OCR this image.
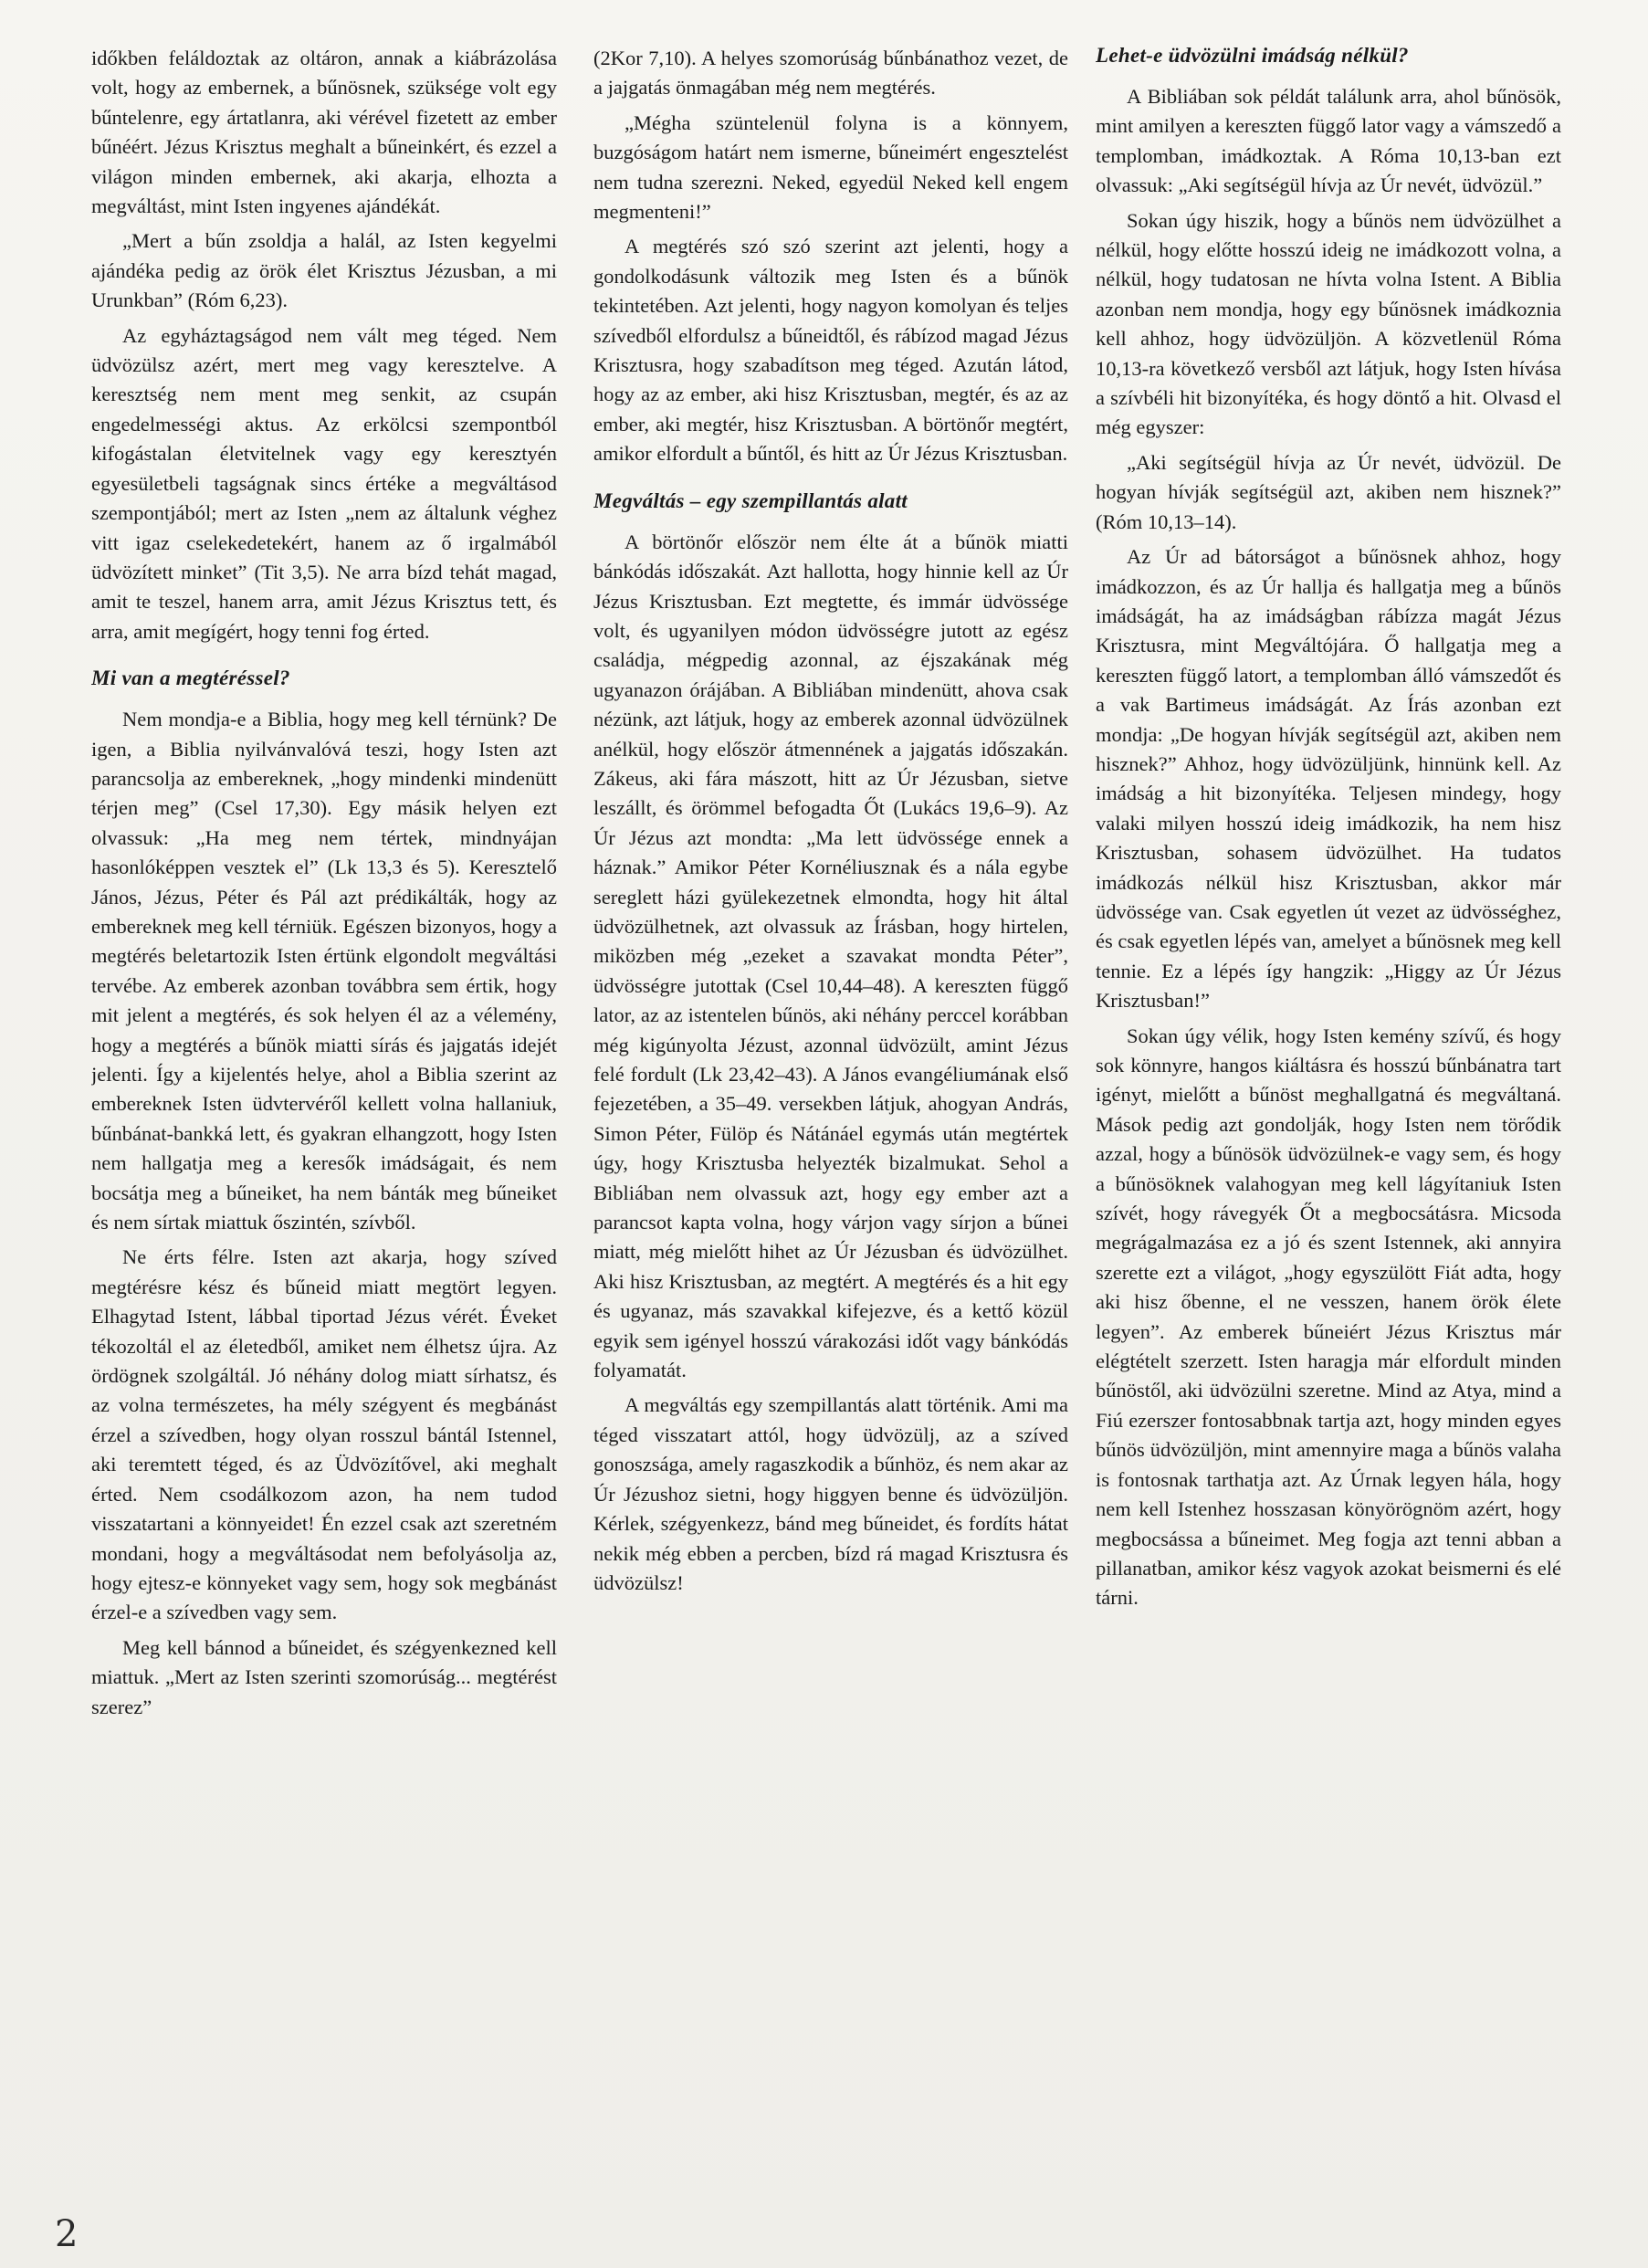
időkben feláldoztak az oltáron, annak a kiábrázolása volt, hogy az embernek, a bűnösnek, szüksége volt egy bűntelenre, egy ártatlanra, aki vérével fizetett az ember bűnéért. Jézus Krisztus meghalt a bűneinkért, és ezzel a világon minden embernek, aki akarja, elhozta a megváltást, mint Isten ingyenes ajándékát.

„Mert a bűn zsoldja a halál, az Isten kegyelmi ajándéka pedig az örök élet Krisztus Jézusban, a mi Urunkban” (Róm 6,23).

Az egyháztagságod nem vált meg téged. Nem üdvözülsz azért, mert meg vagy keresztelve. A keresztség nem ment meg senkit, az csupán engedelmességi aktus. Az erkölcsi szempontból kifogástalan életvitelnek vagy egy keresztyén egyesületbeli tagságnak sincs értéke a megváltásod szempontjából; mert az Isten „nem az általunk véghez vitt igaz cselekedetekért, hanem az ő irgalmából üdvözített minket” (Tit 3,5). Ne arra bízd tehát magad, amit te teszel, hanem arra, amit Jézus Krisztus tett, és arra, amit megígért, hogy tenni fog érted.

Mi van a megtéréssel?

Nem mondja-e a Biblia, hogy meg kell térnünk? De igen, a Biblia nyilvánvalóvá teszi, hogy Isten azt parancsolja az embereknek, „hogy mindenki mindenütt térjen meg” (Csel 17,30). Egy másik helyen ezt olvassuk: „Ha meg nem tértek, mindnyájan hasonlóképpen vesztek el” (Lk 13,3 és 5). Keresztelő János, Jézus, Péter és Pál azt prédikálták, hogy az embereknek meg kell térniük. Egészen bizonyos, hogy a megtérés beletartozik Isten értünk elgondolt megváltási tervébe. Az emberek azonban továbbra sem értik, hogy mit jelent a megtérés, és sok helyen él az a vélemény, hogy a megtérés a bűnök miatti sírás és jajgatás idejét jelenti. Így a kijelentés helye, ahol a Biblia szerint az embereknek Isten üdvtervéről kellett volna hallaniuk, bűnbánat-bankká lett, és gyakran elhangzott, hogy Isten nem hallgatja meg a keresők imádságait, és nem bocsátja meg a bűneiket, ha nem bánták meg bűneiket és nem sírtak miattuk őszintén, szívből.

Ne érts félre. Isten azt akarja, hogy szíved megtérésre kész és bűneid miatt megtört legyen. Elhagytad Istent, lábbal tiportad Jézus vérét. Éveket tékozoltál el az életedből, amiket nem élhetsz újra. Az ördögnek szolgáltál. Jó néhány dolog miatt sírhatsz, és az volna természetes, ha mély szégyent és megbánást érzel a szívedben, hogy olyan rosszul bántál Istennel, aki teremtett téged, és az Üdvözítővel, aki meghalt érted. Nem csodálkozom azon, ha nem tudod visszatartani a könnyeidet! Én ezzel csak azt szeretném mondani, hogy a megváltásodat nem befolyásolja az, hogy ejtesz-e könnyeket vagy sem, hogy sok megbánást érzel-e a szívedben vagy sem.

Meg kell bánnod a bűneidet, és szégyenkezned kell miattuk. „Mert az Isten szerinti szomorúság... megtérést szerez”

(2Kor 7,10). A helyes szomorúság bűnbánathoz vezet, de a jajgatás önmagában még nem megtérés.

„Mégha szüntelenül folyna is a könnyem, buzgóságom határt nem ismerne, bűneimért engesztelést nem tudna szerezni. Neked, egyedül Neked kell engem megmenteni!”

A megtérés szó szó szerint azt jelenti, hogy a gondolkodásunk változik meg Isten és a bűnök tekintetében. Azt jelenti, hogy nagyon komolyan és teljes szívedből elfordulsz a bűneidtől, és rábízod magad Jézus Krisztusra, hogy szabadítson meg téged. Azután látod, hogy az az ember, aki hisz Krisztusban, megtér, és az az ember, aki megtér, hisz Krisztusban. A börtönőr megtért, amikor elfordult a bűntől, és hitt az Úr Jézus Krisztusban.

Megváltás – egy szempillantás alatt

A börtönőr először nem élte át a bűnök miatti bánkódás időszakát. Azt hallotta, hogy hinnie kell az Úr Jézus Krisztusban. Ezt megtette, és immár üdvössége volt, és ugyanilyen módon üdvösségre jutott az egész családja, mégpedig azonnal, az éjszakának még ugyanazon órájában. A Bibliában mindenütt, ahova csak nézünk, azt látjuk, hogy az emberek azonnal üdvözülnek anélkül, hogy először átmennének a jajgatás időszakán. Zákeus, aki fára mászott, hitt az Úr Jézusban, sietve leszállt, és örömmel befogadta Őt (Lukács 19,6–9). Az Úr Jézus azt mondta: „Ma lett üdvössége ennek a háznak.” Amikor Péter Kornéliusznak és a nála egybe sereglett házi gyülekezetnek elmondta, hogy hit által üdvözülhetnek, azt olvassuk az Írásban, hogy hirtelen, miközben még „ezeket a szavakat mondta Péter”, üdvösségre jutottak (Csel 10,44–48). A kereszten függő lator, az az istentelen bűnös, aki néhány perccel korábban még kigúnyolta Jézust, azonnal üdvözült, amint Jézus felé fordult (Lk 23,42–43). A János evangéliumának első fejezetében, a 35–49. versekben látjuk, ahogyan András, Simon Péter, Fülöp és Nátánáel egymás után megtértek úgy, hogy Krisztusba helyezték bizalmukat. Sehol a Bibliában nem olvassuk azt, hogy egy ember azt a parancsot kapta volna, hogy várjon vagy sírjon a bűnei miatt, még mielőtt hihet az Úr Jézusban és üdvözülhet. Aki hisz Krisztusban, az megtért. A megtérés és a hit egy és ugyanaz, más szavakkal kifejezve, és a kettő közül egyik sem igényel hosszú várakozási időt vagy bánkódás folyamatát.

A megváltás egy szempillantás alatt történik. Ami ma téged visszatart attól, hogy üdvözülj, az a szíved gonoszsága, amely ragaszkodik a bűnhöz, és nem akar az Úr Jézushoz sietni, hogy higgyen benne és üdvözüljön. Kérlek, szégyenkezz, bánd meg bűneidet, és fordíts hátat nekik még ebben a percben, bízd rá magad Krisztusra és üdvözülsz!

Lehet-e üdvözülni imádság nélkül?

A Bibliában sok példát találunk arra, ahol bűnösök, mint amilyen a kereszten függő lator vagy a vámszedő a templomban, imádkoztak. A Róma 10,13-ban ezt olvassuk: „Aki segítségül hívja az Úr nevét, üdvözül.”

Sokan úgy hiszik, hogy a bűnös nem üdvözülhet a nélkül, hogy előtte hosszú ideig ne imádkozott volna, a nélkül, hogy tudatosan ne hívta volna Istent. A Biblia azonban nem mondja, hogy egy bűnösnek imádkoznia kell ahhoz, hogy üdvözüljön. A közvetlenül Róma 10,13-ra következő versből azt látjuk, hogy Isten hívása a szívbéli hit bizonyítéka, és hogy döntő a hit. Olvasd el még egyszer:

„Aki segítségül hívja az Úr nevét, üdvözül. De hogyan hívják segítségül azt, akiben nem hisznek?” (Róm 10,13–14).

Az Úr ad bátorságot a bűnösnek ahhoz, hogy imádkozzon, és az Úr hallja és hallgatja meg a bűnös imádságát, ha az imádságban rábízza magát Jézus Krisztusra, mint Megváltójára. Ő hallgatja meg a kereszten függő latort, a templomban álló vámszedőt és a vak Bartimeus imádságát. Az Írás azonban ezt mondja: „De hogyan hívják segítségül azt, akiben nem hisznek?” Ahhoz, hogy üdvözüljünk, hinnünk kell. Az imádság a hit bizonyítéka. Teljesen mindegy, hogy valaki milyen hosszú ideig imádkozik, ha nem hisz Krisztusban, sohasem üdvözülhet. Ha tudatos imádkozás nélkül hisz Krisztusban, akkor már üdvössége van. Csak egyetlen út vezet az üdvösséghez, és csak egyetlen lépés van, amelyet a bűnösnek meg kell tennie. Ez a lépés így hangzik: „Higgy az Úr Jézus Krisztusban!”

Sokan úgy vélik, hogy Isten kemény szívű, és hogy sok könnyre, hangos kiáltásra és hosszú bűnbánatra tart igényt, mielőtt a bűnöst meghallgatná és megváltaná. Mások pedig azt gondolják, hogy Isten nem törődik azzal, hogy a bűnösök üdvözülnek-e vagy sem, és hogy a bűnösöknek valahogyan meg kell lágyítaniuk Isten szívét, hogy rávegyék Őt a megbocsátásra. Micsoda megrágalmazása ez a jó és szent Istennek, aki annyira szerette ezt a világot, „hogy egyszülött Fiát adta, hogy aki hisz őbenne, el ne vesszen, hanem örök élete legyen”. Az emberek bűneiért Jézus Krisztus már elégtételt szerzett. Isten haragja már elfordult minden bűnöstől, aki üdvözülni szeretne. Mind az Atya, mind a Fiú ezerszer fontosabbnak tartja azt, hogy minden egyes bűnös üdvözüljön, mint amennyire maga a bűnös valaha is fontosnak tarthatja azt. Az Úrnak legyen hála, hogy nem kell Istenhez hosszasan könyörögnöm azért, hogy megbocsássa a bűneimet. Meg fogja azt tenni abban a pillanatban, amikor kész vagyok azokat beismerni és elé tárni.

2
